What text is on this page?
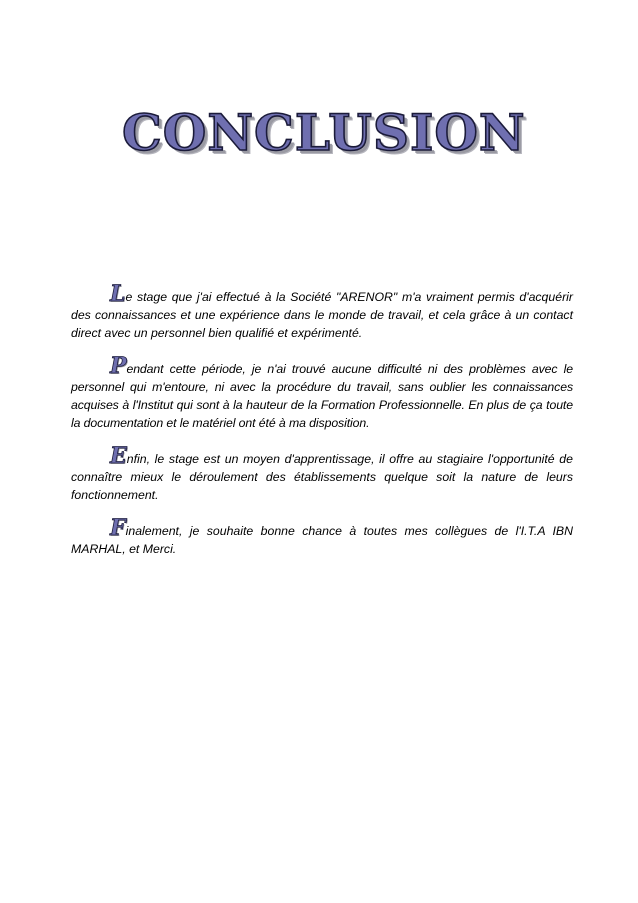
CONCLUSION

Le stage que j'ai effectué à la Société "ARENOR" m'a vraiment permis d'acquérir des connaissances et une expérience dans le monde de travail, et cela grâce à un contact direct avec un personnel bien qualifié et expérimenté.

Pendant cette période, je n'ai trouvé aucune difficulté ni des problèmes avec le personnel qui m'entoure, ni avec la procédure du travail, sans oublier les connaissances acquises à l'Institut qui sont à la hauteur de la Formation Professionnelle. En plus de ça toute la documentation et le matériel ont été à ma disposition.

Enfin, le stage est un moyen d'apprentissage, il offre au stagiaire l'opportunité de connaître mieux le déroulement des établissements quelque soit la nature de leurs fonctionnement.

Finalement, je souhaite bonne chance à toutes mes collègues de l'I.T.A IBN MARHAL, et Merci.
